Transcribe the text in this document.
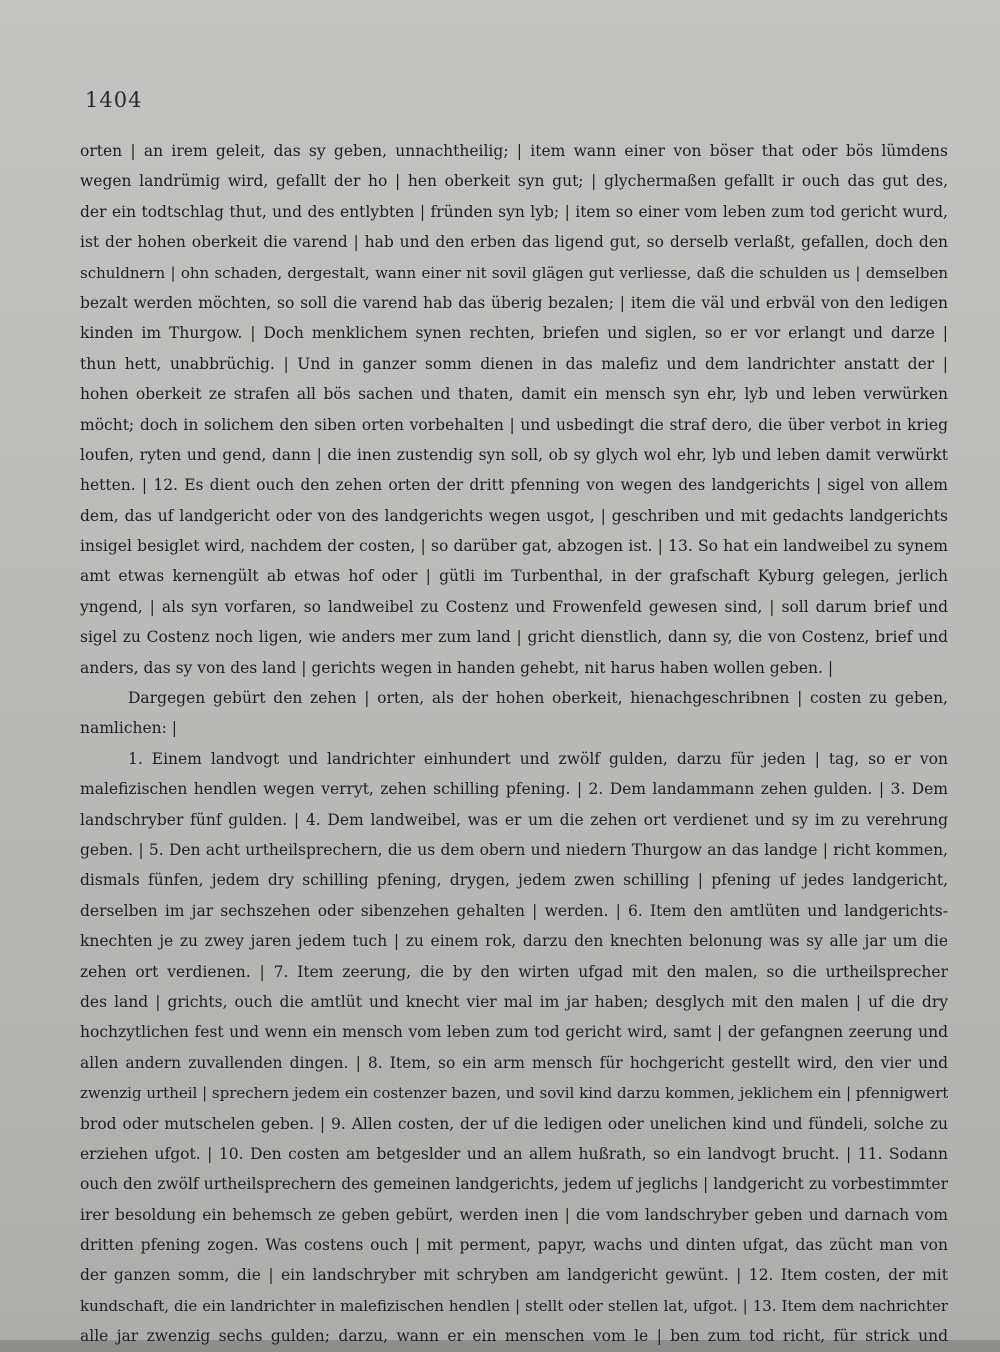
1404
orten | an irem geleit, das sy geben, unnachtheilig; | item wann einer von böser that oder bös lümdens
wegen landrümig wird, gefallt der ho | hen oberkeit syn gut; | glychermaßen gefallt ir ouch das gut des,
der ein todtschlag thut, und des entlybten | fründen syn lyb; | item so einer vom leben zum tod gericht wurd,
ist der hohen oberkeit die varend | hab und den erben das ligend gut, so derselb verlaßt, gefallen, doch den
schuldnern | ohn schaden, dergestalt, wann einer nit sovil glägen gut verliesse, daß die schulden us | demselben
bezalt werden möchten, so soll die varend hab das überig bezalen; | item die väl und erbväl von den ledigen
kinden im Thurgow. | Doch menklichem synen rechten, briefen und siglen, so er vor erlangt und darze |
thun hett, unabbrüchig. | Und in ganzer somm dienen in das malefiz und dem landrichter anstatt der |
hohen oberkeit ze strafen all bös sachen und thaten, damit ein mensch syn ehr, lyb und leben verwürken
möcht; doch in solichem den siben orten vorbehalten | und usbedingt die straf dero, die über verbot in krieg
loufen, ryten und gend, dann | die inen zustendig syn soll, ob sy glych wol ehr, lyb und leben damit verwürkt
hetten. | 12. Es dient ouch den zehen orten der dritt pfenning von wegen des landgerichts | sigel von allem
dem, das uf landgericht oder von des landgerichts wegen usgot, | geschriben und mit gedachts landgerichts
insigel besiglet wird, nachdem der costen, | so darüber gat, abzogen ist. | 13. So hat ein landweibel zu synem
amt etwas kernengült ab etwas hof oder | gütli im Turbenthal, in der grafschaft Kyburg gelegen, jerlich
yngend, | als syn vorfaren, so landweibel zu Costenz und Frowenfeld gewesen sind, | soll darum brief und
sigel zu Costenz noch ligen, wie anders mer zum land | gricht dienstlich, dann sy, die von Costenz, brief und
anders, das sy von des land | gerichts wegen in handen gehebt, nit harus haben wollen geben. |
Dargegen gebürt den zehen | orten, als der hohen oberkeit, hienachgeschribnen | costen zu geben,
namlichen: |
1. Einem landvogt und landrichter einhundert und zwölf gulden, darzu für jeden | tag, so er von
malefizischen hendlen wegen verryt, zehen schilling pfening. | 2. Dem landammann zehen gulden. | 3. Dem
landschryber fünf gulden. | 4. Dem landweibel, was er um die zehen ort verdienet und sy im zu verehrung
geben. | 5. Den acht urtheilsprechern, die us dem obern und niedern Thurgow an das landge | richt kommen,
dismals fünfen, jedem dry schilling pfening, drygen, jedem zwen schilling | pfening uf jedes landgericht,
derselben im jar sechszehen oder sibenzehen gehalten | werden. | 6. Item den amtlüten und landgerichts-
knechten je zu zwey jaren jedem tuch | zu einem rok, darzu den knechten belonung was sy alle jar um die
zehen ort verdienen. | 7. Item zeerung, die by den wirten ufgad mit den malen, so die urtheilsprecher
des land | grichts, ouch die amtlüt und knecht vier mal im jar haben; desglych mit den malen | uf die dry
hochzytlichen fest und wenn ein mensch vom leben zum tod gericht wird, samt | der gefangnen zeerung und
allen andern zuvallenden dingen. | 8. Item, so ein arm mensch für hochgericht gestellt wird, den vier und
zwenzig urtheil | sprechern jedem ein costenzer bazen, und sovil kind darzu kommen, jeklichem ein | pfennigwert
brod oder mutschelen geben. | 9. Allen costen, der uf die ledigen oder unelichen kind und fündeli, solche zu
erziehen ufgot. | 10. Den costen am betgeslder und an allem hußrath, so ein landvogt brucht. | 11. Sodann
ouch den zwölf urtheilsprechern des gemeinen landgerichts, jedem uf jeglichs | landgericht zu vorbestimmter
irer besoldung ein behemsch ze geben gebürt, werden inen | die vom landschryber geben und darnach vom
dritten pfening zogen. Was costens ouch | mit perment, papyr, wachs und dinten ufgat, das zücht man von
der ganzen somm, die | ein landschryber mit schryben am landgericht gewünt. | 12. Item costen, der mit
kundschaft, die ein landrichter in malefizischen hendlen | stellt oder stellen lat, ufgot. | 13. Item dem nachrichter
alle jar zwenzig sechs gulden; darzu, wann er ein menschen vom le | ben zum tod richt, für strick und
